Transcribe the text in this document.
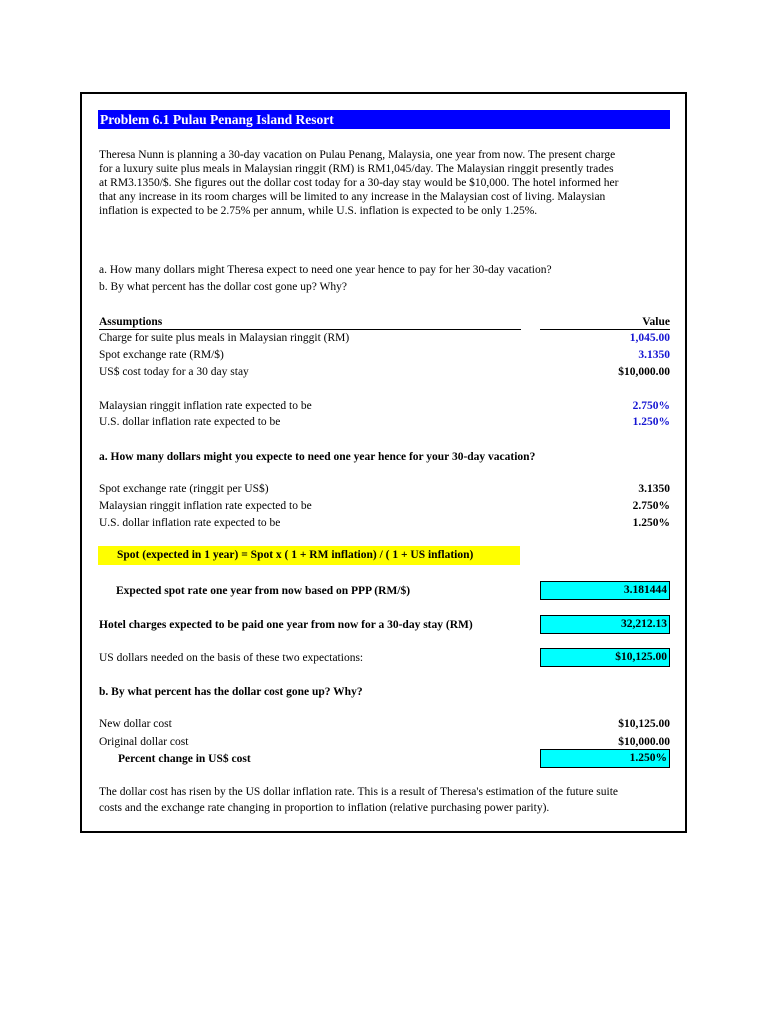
Problem 6.1 Pulau Penang Island Resort
Theresa Nunn is planning a 30-day vacation on Pulau Penang, Malaysia, one year from now. The present charge
for a luxury suite plus meals in Malaysian ringgit (RM) is RM1,045/day. The Malaysian ringgit presently trades
at RM3.1350/$. She figures out the dollar cost today for a 30-day stay would be $10,000. The hotel informed her
that any increase in its room charges will be limited to any increase in the Malaysian cost of living. Malaysian
inflation is expected to be 2.75% per annum, while U.S. inflation is expected to be only 1.25%.
a. How many dollars might Theresa expect to need one year hence to pay for her 30-day vacation?
b. By what percent has the dollar cost gone up? Why?
Assumptions	Value
Charge for suite plus meals in Malaysian ringgit (RM)	1,045.00
Spot exchange rate (RM/$)	3.1350
US$ cost today for a 30 day stay	$10,000.00
Malaysian ringgit inflation rate expected to be	2.750%
U.S. dollar inflation rate expected to be	1.250%
a. How many dollars might you expecte to need one year hence for your 30-day vacation?
Spot exchange rate (ringgit per US$)	3.1350
Malaysian ringgit inflation rate expected to be	2.750%
U.S. dollar inflation rate expected to be	1.250%
Spot (expected in 1 year) = Spot x ( 1 + RM inflation) / ( 1 + US inflation)
Expected spot rate one year from now based on PPP (RM/$)	3.181444
Hotel charges expected to be paid one year from now for a 30-day stay (RM)	32,212.13
US dollars needed on the basis of these two expectations:	$10,125.00
b. By what percent has the dollar cost gone up? Why?
New dollar cost	$10,125.00
Original dollar cost	$10,000.00
Percent change in US$ cost	1.250%
The dollar cost has risen by the US dollar inflation rate. This is a result of Theresa's estimation of the future suite
costs and the exchange rate changing in proportion to inflation (relative purchasing power parity).
